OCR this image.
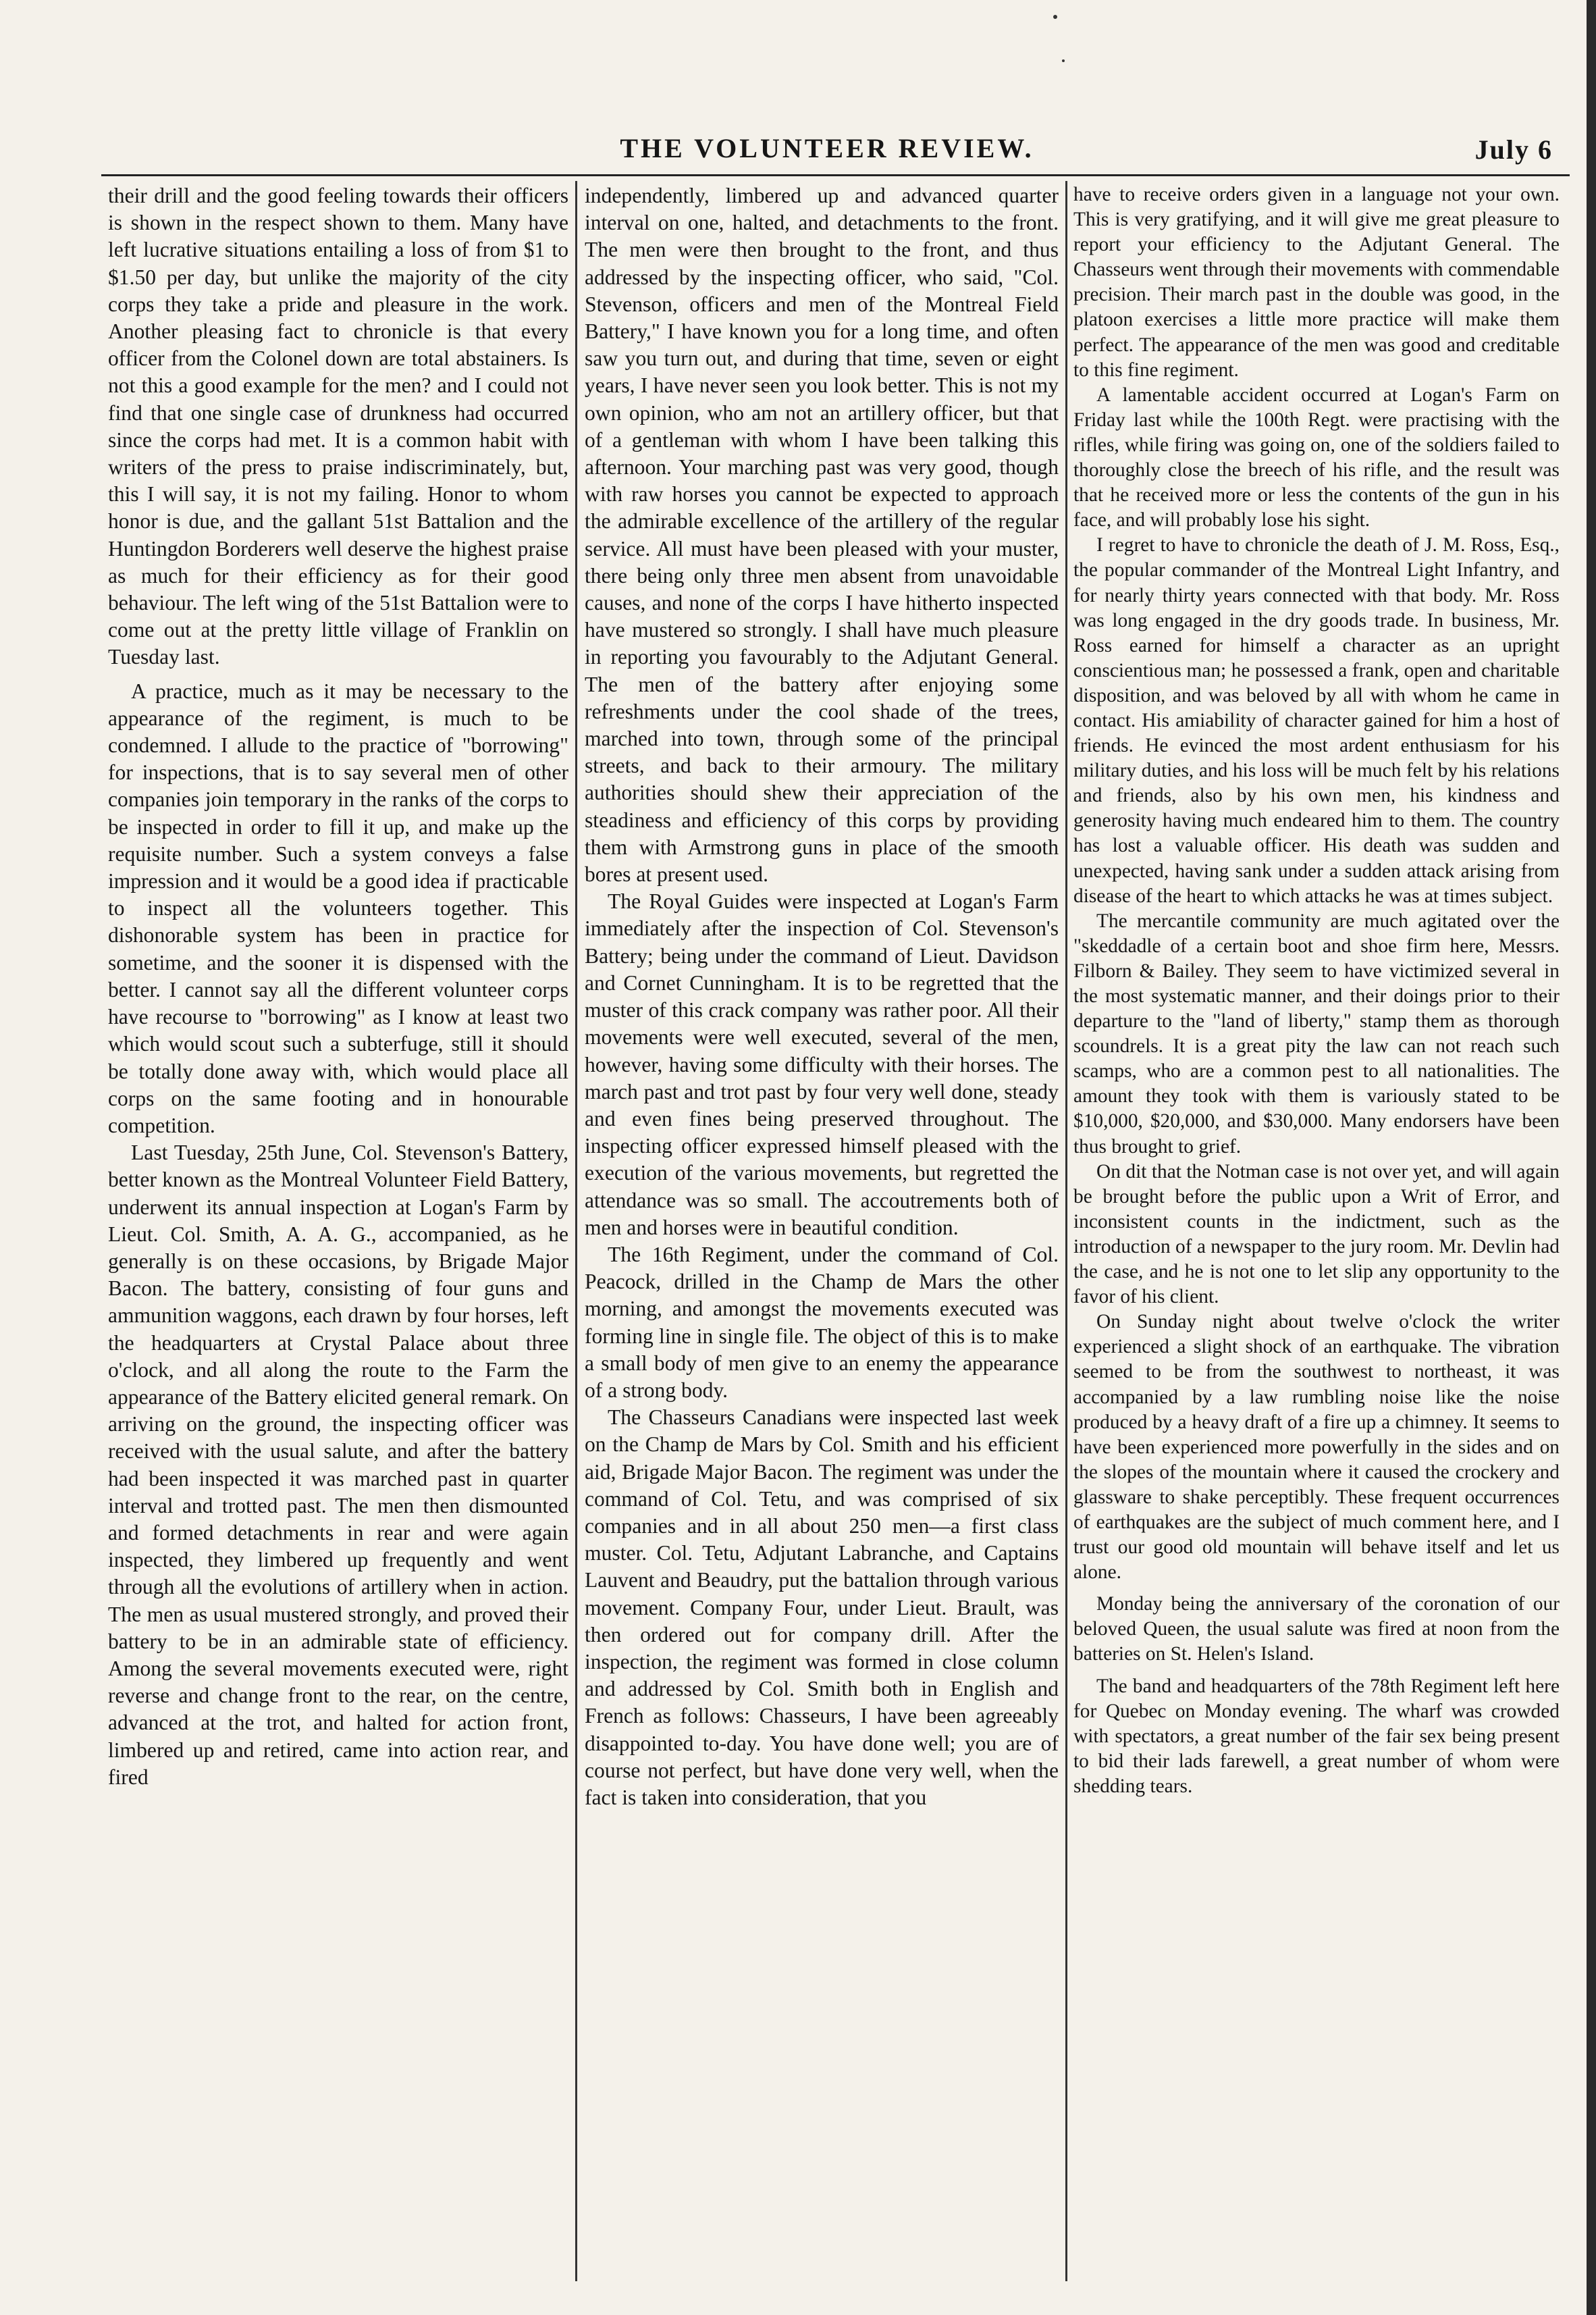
THE VOLUNTEER REVIEW.	July 6

their drill and the good feeling towards their officers is shown in the respect shown to them. Many have left lucrative situations entailing a loss of from $1 to $1.50 per day, but unlike the majority of the city corps they take a pride and pleasure in the work. Another pleasing fact to chronicle is that every officer from the Colonel down are total abstainers. Is not this a good example for the men? and I could not find that one single case of drunkness had occurred since the corps had met. It is a common habit with writers of the press to praise indiscriminately, but, this I will say, it is not my failing. Honor to whom honor is due, and the gallant 51st Battalion and the Huntingdon Borderers well deserve the highest praise as much for their efficiency as for their good behaviour. The left wing of the 51st Battalion were to come out at the pretty little village of Franklin on Tuesday last.

A practice, much as it may be necessary to the appearance of the regiment, is much to be condemned. I allude to the practice of "borrowing" for inspections, that is to say several men of other companies join temporary in the ranks of the corps to be inspected in order to fill it up, and make up the requisite number. Such a system conveys a false impression and it would be a good idea if practicable to inspect all the volunteers together. This dishonorable system has been in practice for sometime, and the sooner it is dispensed with the better. I cannot say all the different volunteer corps have recourse to "borrowing" as I know at least two which would scout such a subterfuge, still it should be totally done away with, which would place all corps on the same footing and in honourable competition.

Last Tuesday, 25th June, Col. Stevenson's Battery, better known as the Montreal Volunteer Field Battery, underwent its annual inspection at Logan's Farm by Lieut. Col. Smith, A. A. G., accompanied, as he generally is on these occasions, by Brigade Major Bacon. The battery, consisting of four guns and ammunition waggons, each drawn by four horses, left the headquarters at Crystal Palace about three o'clock, and all along the route to the Farm the appearance of the Battery elicited general remark. On arriving on the ground, the inspecting officer was received with the usual salute, and after the battery had been inspected it was marched past in quarter interval and trotted past. The men then dismounted and formed detachments in rear and were again inspected, they limbered up frequently and went through all the evolutions of artillery when in action. The men as usual mustered strongly, and proved their battery to be in an admirable state of efficiency. Among the several movements executed were, right reverse and change front to the rear, on the centre, advanced at the trot, and halted for action front, limbered up and retired, came into action rear, and fired

independently, limbered up and advanced quarter interval on one, halted, and detachments to the front. The men were then brought to the front, and thus addressed by the inspecting officer, who said, "Col. Stevenson, officers and men of the Montreal Field Battery," I have known you for a long time, and often saw you turn out, and during that time, seven or eight years, I have never seen you look better. This is not my own opinion, who am not an artillery officer, but that of a gentleman with whom I have been talking this afternoon. Your marching past was very good, though with raw horses you cannot be expected to approach the admirable excellence of the artillery of the regular service. All must have been pleased with your muster, there being only three men absent from unavoidable causes, and none of the corps I have hitherto inspected have mustered so strongly. I shall have much pleasure in reporting you favourably to the Adjutant General. The men of the battery after enjoying some refreshments under the cool shade of the trees, marched into town, through some of the principal streets, and back to their armoury. The military authorities should shew their appreciation of the steadiness and efficiency of this corps by providing them with Armstrong guns in place of the smooth bores at present used.

The Royal Guides were inspected at Logan's Farm immediately after the inspection of Col. Stevenson's Battery; being under the command of Lieut. Davidson and Cornet Cunningham. It is to be regretted that the muster of this crack company was rather poor. All their movements were well executed, several of the men, however, having some difficulty with their horses. The march past and trot past by four very well done, steady and even fines being preserved throughout. The inspecting officer expressed himself pleased with the execution of the various movements, but regretted the attendance was so small. The accoutrements both of men and horses were in beautiful condition.

The 16th Regiment, under the command of Col. Peacock, drilled in the Champ de Mars the other morning, and amongst the movements executed was forming line in single file. The object of this is to make a small body of men give to an enemy the appearance of a strong body.

The Chasseurs Canadians were inspected last week on the Champ de Mars by Col. Smith and his efficient aid, Brigade Major Bacon. The regiment was under the command of Col. Tetu, and was comprised of six companies and in all about 250 men—a first class muster. Col. Tetu, Adjutant Labranche, and Captains Lauvent and Beaudry, put the battalion through various movement. Company Four, under Lieut. Brault, was then ordered out for company drill. After the inspection, the regiment was formed in close column and addressed by Col. Smith both in English and French as follows: Chasseurs, I have been agreeably disappointed to-day. You have done well; you are of course not perfect, but have done very well, when the fact is taken into consideration, that you

have to receive orders given in a language not your own. This is very gratifying, and it will give me great pleasure to report your efficiency to the Adjutant General. The Chasseurs went through their movements with commendable precision. Their march past in the double was good, in the platoon exercises a little more practice will make them perfect. The appearance of the men was good and creditable to this fine regiment.

A lamentable accident occurred at Logan's Farm on Friday last while the 100th Regt. were practising with the rifles, while firing was going on, one of the soldiers failed to thoroughly close the breech of his rifle, and the result was that he received more or less the contents of the gun in his face, and will probably lose his sight.

I regret to have to chronicle the death of J. M. Ross, Esq., the popular commander of the Montreal Light Infantry, and for nearly thirty years connected with that body. Mr. Ross was long engaged in the dry goods trade. In business, Mr. Ross earned for himself a character as an upright conscientious man; he possessed a frank, open and charitable disposition, and was beloved by all with whom he came in contact. His amiability of character gained for him a host of friends. He evinced the most ardent enthusiasm for his military duties, and his loss will be much felt by his relations and friends, also by his own men, his kindness and generosity having much endeared him to them. The country has lost a valuable officer. His death was sudden and unexpected, having sank under a sudden attack arising from disease of the heart to which attacks he was at times subject.

The mercantile community are much agitated over the "skeddadle of a certain boot and shoe firm here, Messrs. Filborn & Bailey. They seem to have victimized several in the most systematic manner, and their doings prior to their departure to the "land of liberty," stamp them as thorough scoundrels. It is a great pity the law can not reach such scamps, who are a common pest to all nationalities. The amount they took with them is variously stated to be $10,000, $20,000, and $30,000. Many endorsers have been thus brought to grief.

On dit that the Notman case is not over yet, and will again be brought before the public upon a Writ of Error, and inconsistent counts in the indictment, such as the introduction of a newspaper to the jury room. Mr. Devlin had the case, and he is not one to let slip any opportunity to the favor of his client.

On Sunday night about twelve o'clock the writer experienced a slight shock of an earthquake. The vibration seemed to be from the southwest to northeast, it was accompanied by a law rumbling noise like the noise produced by a heavy draft of a fire up a chimney. It seems to have been experienced more powerfully in the sides and on the slopes of the mountain where it caused the crockery and glassware to shake perceptibly. These frequent occurrences of earthquakes are the subject of much comment here, and I trust our good old mountain will behave itself and let us alone.

Monday being the anniversary of the coronation of our beloved Queen, the usual salute was fired at noon from the batteries on St. Helen's Island.

The band and headquarters of the 78th Regiment left here for Quebec on Monday evening. The wharf was crowded with spectators, a great number of the fair sex being present to bid their lads farewell, a great number of whom were shedding tears.
